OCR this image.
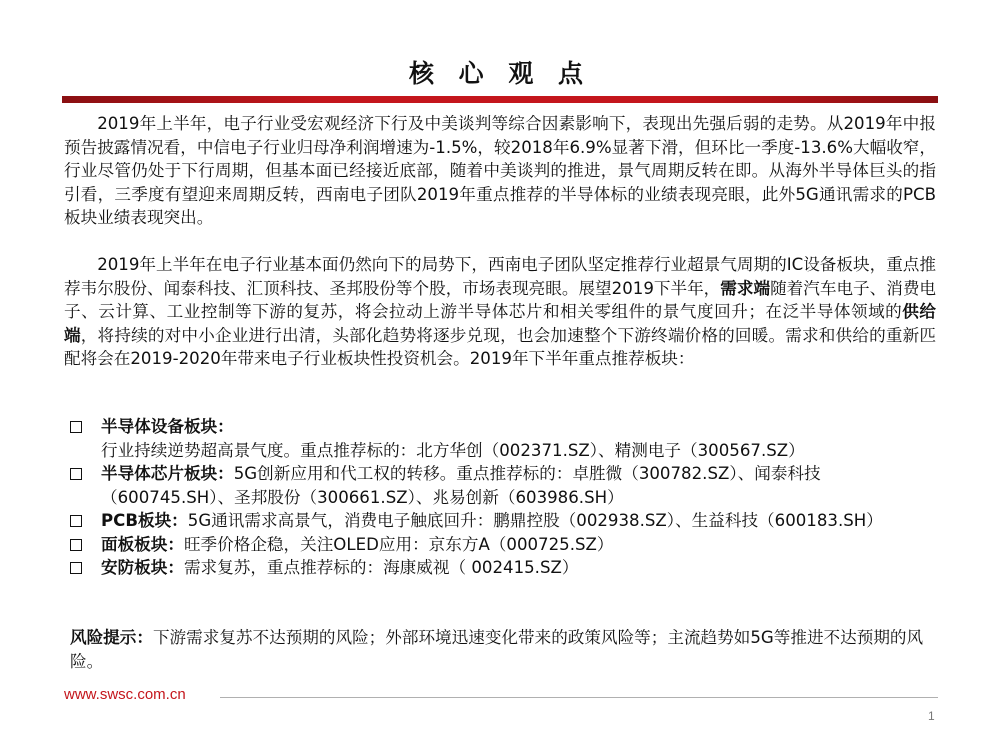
核 心 观 点

2019年上半年，电子行业受宏观经济下行及中美谈判等综合因素影响下，表现出先强后弱的走势。从2019年中报预告披露情况看，中信电子行业归母净利润增速为-1.5%，较2018年6.9%显著下滑，但环比一季度-13.6%大幅收窄，行业尽管仍处于下行周期，但基本面已经接近底部，随着中美谈判的推进，景气周期反转在即。从海外半导体巨头的指引看，三季度有望迎来周期反转，西南电子团队2019年重点推荐的半导体标的业绩表现亮眼，此外5G通讯需求的PCB板块业绩表现突出。

2019年上半年在电子行业基本面仍然向下的局势下，西南电子团队坚定推荐行业超景气周期的IC设备板块，重点推荐韦尔股份、闻泰科技、汇顶科技、圣邦股份等个股，市场表现亮眼。展望2019下半年，需求端随着汽车电子、消费电子、云计算、工业控制等下游的复苏，将会拉动上游半导体芯片和相关零组件的景气度回升；在泛半导体领域的供给端，将持续的对中小企业进行出清，头部化趋势将逐步兑现，也会加速整个下游终端价格的回暖。需求和供给的重新匹配将会在2019-2020年带来电子行业板块性投资机会。2019年下半年重点推荐板块：

半导体设备板块：行业持续逆势超高景气度。重点推荐标的：北方华创（002371.SZ）、精测电子（300567.SZ）
半导体芯片板块：5G创新应用和代工权的转移。重点推荐标的：卓胜微（300782.SZ）、闻泰科技（600745.SH）、圣邦股份（300661.SZ）、兆易创新（603986.SH）
PCB板块：5G通讯需求高景气，消费电子触底回升：鹏鼎控股（002938.SZ）、生益科技（600183.SH）
面板板块：旺季价格企稳，关注OLED应用：京东方A（000725.SZ）
安防板块：需求复苏，重点推荐标的：海康威视（ 002415.SZ）

风险提示：下游需求复苏不达预期的风险；外部环境迅速变化带来的政策风险等；主流趋势如5G等推进不达预期的风险。

www.swsc.com.cn
1
